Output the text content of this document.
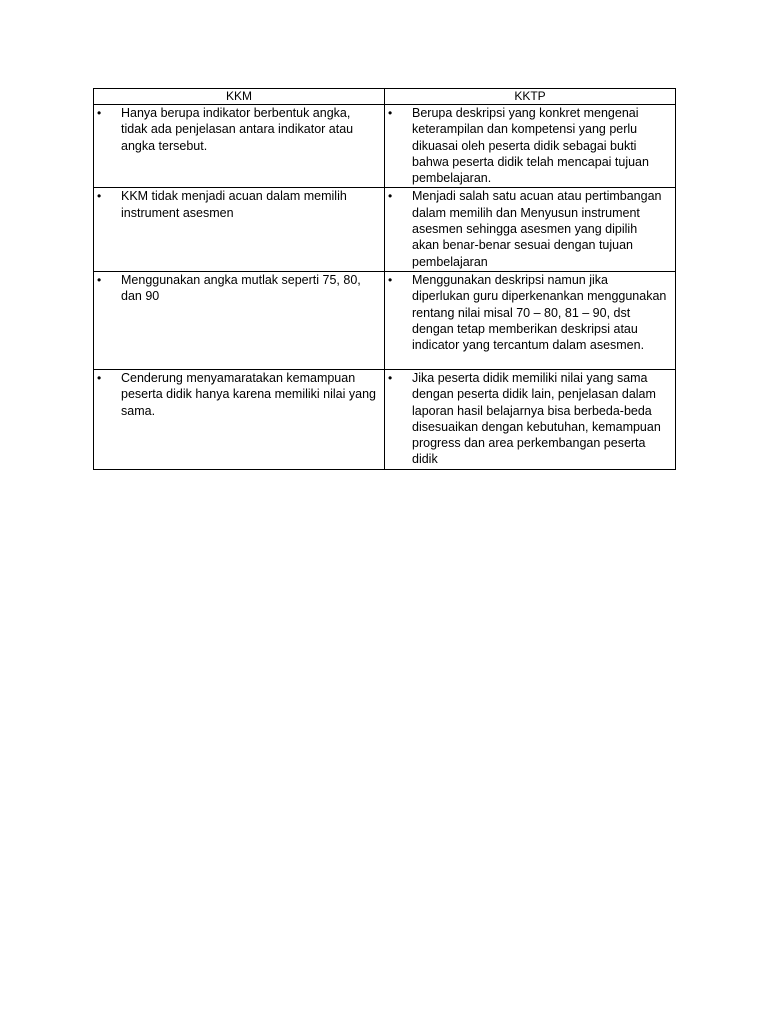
KKM	KKTP

• Hanya berupa indikator berbentuk angka, tidak ada penjelasan antara indikator atau angka tersebut.	• Berupa deskripsi yang konkret mengenai keterampilan dan kompetensi yang perlu dikuasai oleh peserta didik sebagai bukti bahwa peserta didik telah mencapai tujuan pembelajaran.

• KKM tidak menjadi acuan dalam memilih instrument asesmen	• Menjadi salah satu acuan atau pertimbangan dalam memilih dan Menyusun instrument asesmen sehingga asesmen yang dipilih akan benar-benar sesuai dengan tujuan pembelajaran

• Menggunakan angka mutlak seperti 75, 80, dan 90	• Menggunakan deskripsi namun jika diperlukan guru diperkenankan menggunakan rentang nilai misal 70 – 80, 81 – 90, dst dengan tetap memberikan deskripsi atau indicator yang tercantum dalam asesmen.

• Cenderung menyamaratakan kemampuan peserta didik hanya karena memiliki nilai yang sama.	• Jika peserta didik memiliki nilai yang sama dengan peserta didik lain, penjelasan dalam laporan hasil belajarnya bisa berbeda-beda disesuaikan dengan kebutuhan, kemampuan progress dan area perkembangan peserta didik
